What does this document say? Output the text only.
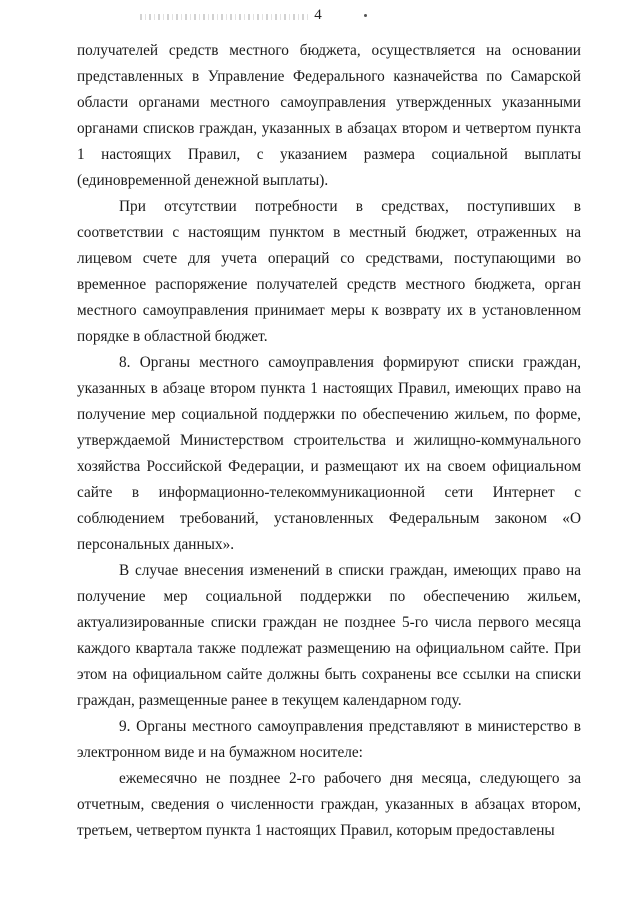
4

получателей средств местного бюджета, осуществляется на основании представленных в Управление Федерального казначейства по Самарской области органами местного самоуправления утвержденных указанными органами списков граждан, указанных в абзацах втором и четвертом пункта 1 настоящих Правил, с указанием размера социальной выплаты (единовременной денежной выплаты).

При отсутствии потребности в средствах, поступивших в соответствии с настоящим пунктом в местный бюджет, отраженных на лицевом счете для учета операций со средствами, поступающими во временное распоряжение получателей средств местного бюджета, орган местного самоуправления принимает меры к возврату их в установленном порядке в областной бюджет.

8. Органы местного самоуправления формируют списки граждан, указанных в абзаце втором пункта 1 настоящих Правил, имеющих право на получение мер социальной поддержки по обеспечению жильем, по форме, утверждаемой Министерством строительства и жилищно-коммунального хозяйства Российской Федерации, и размещают их на своем официальном сайте в информационно-телекоммуникационной сети Интернет с соблюдением требований, установленных Федеральным законом «О персональных данных».

В случае внесения изменений в списки граждан, имеющих право на получение мер социальной поддержки по обеспечению жильем, актуализированные списки граждан не позднее 5-го числа первого месяца каждого квартала также подлежат размещению на официальном сайте. При этом на официальном сайте должны быть сохранены все ссылки на списки граждан, размещенные ранее в текущем календарном году.

9. Органы местного самоуправления представляют в министерство в электронном виде и на бумажном носителе:

ежемесячно не позднее 2-го рабочего дня месяца, следующего за отчетным, сведения о численности граждан, указанных в абзацах втором, третьем, четвертом пункта 1 настоящих Правил, которым предоставлены
